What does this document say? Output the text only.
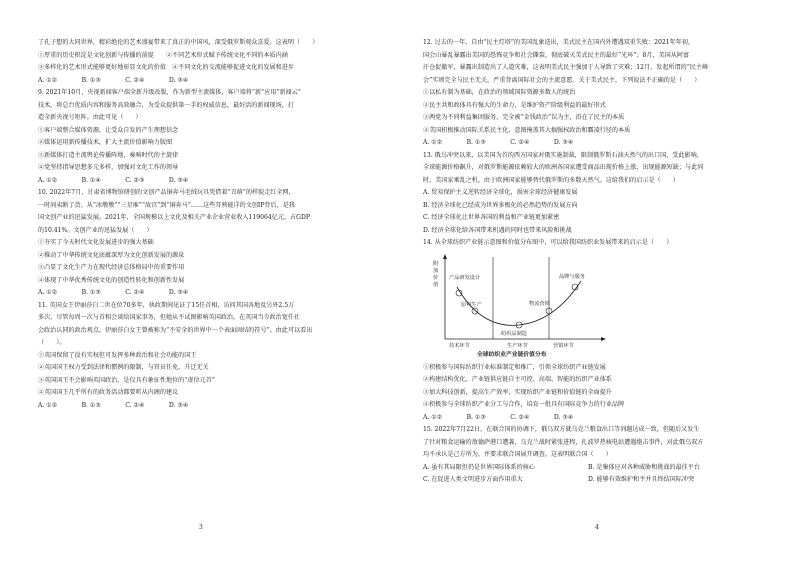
了孔子想的大同世界，精彩绝伦的艺术盛宴带来了真正的中国风，深受俄罗斯观众喜爱。这表明（　　）

①厚重的历史积淀是文化创新与传播的前提　　②不同艺术形式赋予传统文化不同的本质内涵

③多样化的艺术形式能够更好地彰显文化的价值　④不同文化的交流能够促进文化的发展和进步

A. ①②　　　　B. ①③　　　　C. ②④　　　　D. ③④

9. 2021年10月，央视新闻客户端全新升级改版，作为新型主流媒体，客户端将“新”应用“新闻云”

技术，将总台优质内容和服务高效融合，为受众提供第一手的权威信息，最好活的新闻现场，打

造全新央视号矩阵。由此可见（　　）

①客户端整合媒体资源，让受众自发的产生理想信念

②媒体运用新传播技术，扩大主流价值影响力版图

③新媒体打造主流舆论传播阵地，奏响时代的主旋律

④党坚持指导思想多元多样，加强对文化工作的领导

A. ①②　　　　B. ①④　　　　C. ②③　　　　D. ③④

10. 2022年7月，甘肃省博物馆研创的文创产品铜奔马毛绒玩具凭借着“丑萌”的样貌走红全网，

一时间卖断了货。从“冰墩墩”“三星堆”“故宫”到“铜奔马”……这些耳熟能详的文创IP背后，是我

国文创产业的迅猛发展。2021年，全国规模以上文化及相关产业企业营业收入119064亿元，占GDP

的10.41%。文创产业的迅猛发展（　　）

①夯实了今天时代文化发展进步的强大基础

②推动了中华传统文化底蕴深厚为文化创新发展的源泉

③凸显了文化生产力在现代经济总体格局中的重要作用

④体现了中华优秀传统文化的创造性转化和创新性发展

A. ①②　　　　B. ①③　　　　C. ②④　　　　D. ③④

11. 英国女王伊丽莎白二世在位70多年，执政期间见证了15任首相，访问其国各地及另外2.5万

多次，尽管每周一次与首相会谈给国家事务，但她从不试图影响英国政治。在英国当今政治宽任社

会政治认同的政治观点，伊丽莎白女王曾被称为“不安全的世界中一个表面固结的符号”。由此可以看出

（　　）。

①英国保留了没有实权但可发挥多种政治和社会功能的国王

②英国国王权力受到法律和惯例的限制，与官员任免、升迁无关

③英国国王不会影响英国政治，是仅具有象征性地位的“虚位元首”

④英国国王几乎所有的政务活动都要听从内阁的建议

A. ①②　　　　B. ①③　　　　C. ②④　　　　D. ③④

3

12. 过去的一年，自由“民主灯塔”的美国乱象迭出，美式民主在国内外遭遇双重失败：2021年年初，

国会山暴乱暴露出美国的恐怖竞争和社会撕裂，彻底破灭美式民主的最好“光环”；8月，美国从阿富

汗仓促撤军，暴露出制造出了人道灾难，这表明美式民主强加于人导致了灾难；12月，发起所谓的“民主峰

会”实则完全与民主无关，严重背离国际社会的主流意愿。关于美式民主，下列说法不正确的是（　　）

①以私有制为基础，在政治的领域国际资源多数人的统治

②民主共和政体具有强大的生命力，是维护资产阶级利益的最好形式

③两党为不同利益集团服务，完全被“金钱政治”误为主，沿在了民主的本质

④美国积极推动国际关系民主化，意图掩盖其大搞强权政治和霸凌行径的本质

A. ①②　　　　B. ①③　　　　C. ②④　　　　D. ③④

13. 俄乌冲突以来，以美国为首的西方国家对俄实施制裁，限制俄罗斯石油天然气的出口国，受此影响，

全球能源价格飙升，对俄罗斯能源依赖较大的欧洲各国家遭受商品出现价格上涨，出现能源短缺；与此同

时，美国家乘乱之机，由于欧洲国家能够替代俄罗斯的多数天然气。这给我们的启示是（　　）

A. 贸易保护主义逆转经济全球化，损害全球经济健康发展

B. 经济全球化已经成为世界多极化的必然趋势的发展方向

C. 经济全球化让世界各国的利益和产业链更加紧密

D. 经济全球化给各国带来机遇的同时也带来风险和挑战

14. 从全球纺织产业链示意图和价值分布图中，可以给我国纺织业发展带来的启示是（　　）

附
加
价
值
产品研发设计
原料生产
纺织品制造
物流营销
品牌与服务
技术环节	生产环节	营销环节
全球纺织业产业链价值分布

①积极参与国际纺织行业标准制定和推广，引领全球纺织产业链发展

②构建结构优化、产业链供应链自主可控、高端、智能的纺织产业体系

③加大科技创新，提高生产效率，实现纺织产业链和价值链的全面提升

④积极参与全球纺织产业分工与合作，培育一批具有国际竞争力的行业品牌

A. ①②　　　　B. ①③　　　　C. ②④　　　　D. ③④

15. 2022年7月22日，在联合国的协调下，俄乌双方就乌克兰粮食出口等问题达成一致，但随后又发生

了针对粮食运输的敖德萨港口遭袭，乌克兰战时紧张进程，扎波罗热核电站遭遇炮击事件，对此俄乌双方

均不承认是己方所为，并要求联合国展开调查。这表明联合国（　　）

A. 虽有其局限但仍是世界国际体系的核心	B. 是集体应对各种威胁和挑战的最佳平台
C. 在促进人类文明进步方面作用重大	D. 能够有效维护和平并且终结国际冲突
4
